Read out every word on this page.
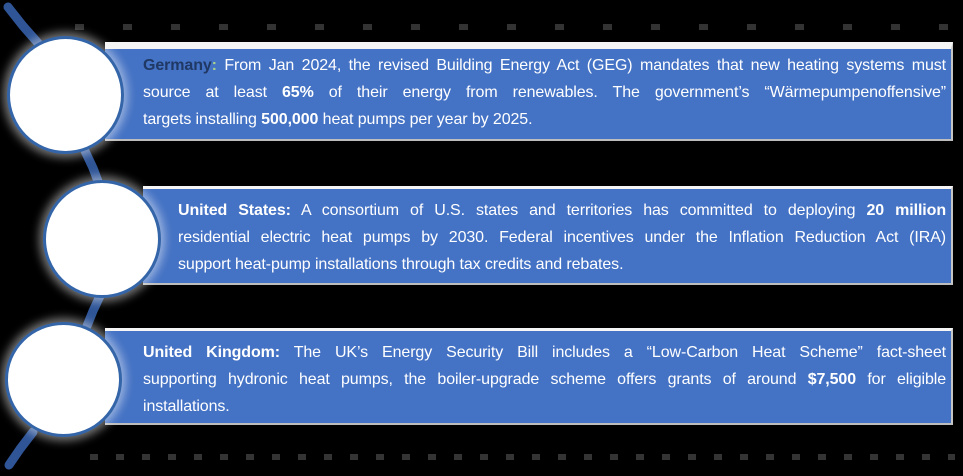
Germany: From Jan 2024, the revised Building Energy Act (GEG) mandates that new heating systems must
source at least 65% of their energy from renewables. The government’s “Wärmepumpenoffensive”
targets installing 500,000 heat pumps per year by 2025.
United States: A consortium of U.S. states and territories has committed to deploying 20 million
residential electric heat pumps by 2030. Federal incentives under the Inflation Reduction Act (IRA)
support heat-pump installations through tax credits and rebates.
United Kingdom: The UK’s Energy Security Bill includes a “Low-Carbon Heat Scheme” fact-sheet
supporting hydronic heat pumps, the boiler-upgrade scheme offers grants of around $7,500 for eligible
installations.
